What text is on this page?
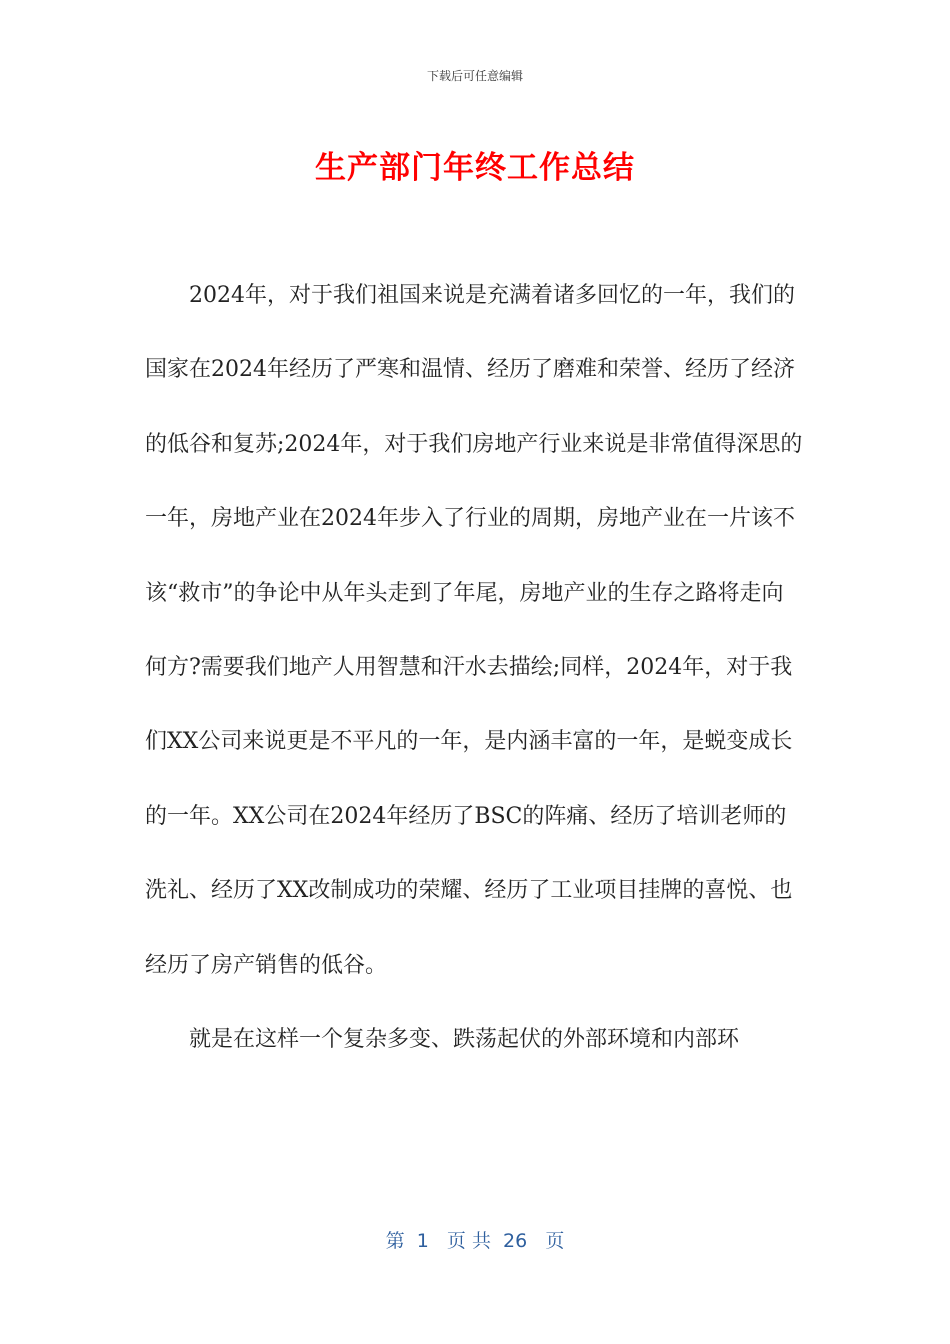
下载后可任意编辑
生产部门年终工作总结

2024年，对于我们祖国来说是充满着诸多回忆的一年，我们的国家在2024年经历了严寒和温情、经历了磨难和荣誉、经历了经济的低谷和复苏;2024年，对于我们房地产行业来说是非常值得深思的一年，房地产业在2024年步入了行业的周期，房地产业在一片该不该“救市”的争论中从年头走到了年尾，房地产业的生存之路将走向何方?需要我们地产人用智慧和汗水去描绘;同样，2024年，对于我们XX公司来说更是不平凡的一年，是内涵丰富的一年，是蜕变成长的一年。XX公司在2024年经历了BSC的阵痛、经历了培训老师的洗礼、经历了XX改制成功的荣耀、经历了工业项目挂牌的喜悦、也经历了房产销售的低谷。

就是在这样一个复杂多变、跌荡起伏的外部环境和内部环

第  1   页 共  26   页
